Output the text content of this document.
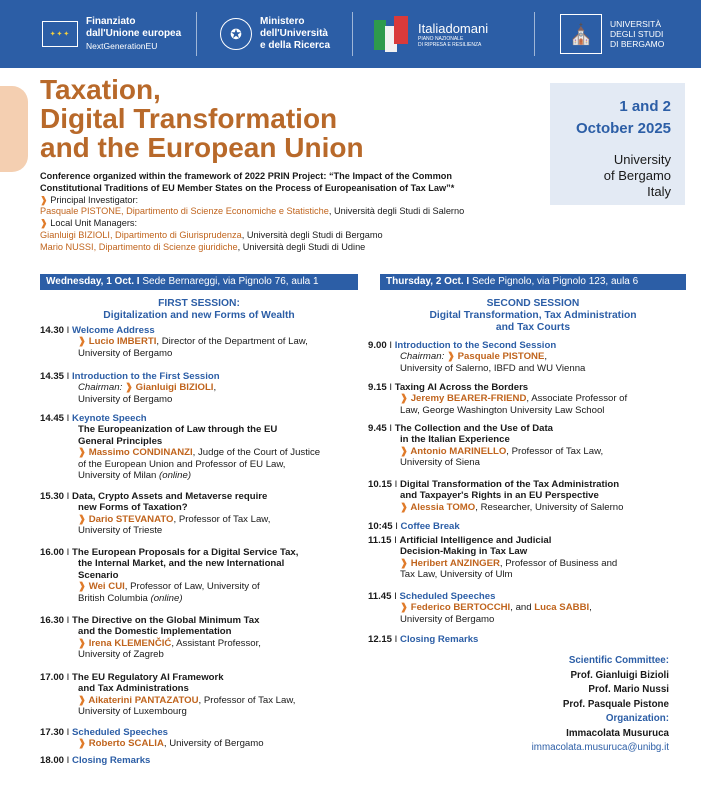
✦✦✦
Finanziato
dall'Unione europea
NextGenerationEU
✪
Ministero
dell'Università
e della Ricerca
Italiadomani
PIANO NAZIONALE
DI RIPRESA E RESILIENZA	⛪	UNIVERSITÀ
DEGLI STUDI
DI BERGAMO
Taxation,
Digital Transformation
and the European Union
1 and 2
October 2025
University
of Bergamo
Italy
Conference organized within the framework of 2022 PRIN Project: “The Impact of the Common
Constitutional Traditions of EU Member States on the Process of Europeanisation of Tax Law”*
❱ Principal Investigator:
Pasquale PISTONE, Dipartimento di Scienze Economiche e Statistiche, Università degli Studi di Salerno
❱ Local Unit Managers:
Gianluigi BIZIOLI, Dipartimento di Giurisprudenza, Università degli Studi di Bergamo
Mario NUSSI, Dipartimento di Scienze giuridiche, Università degli Studi di Udine
Wednesday, 1 Oct. I Sede Bernareggi, via Pignolo 76, aula 1	Thursday, 2 Oct. I Sede Pignolo, via Pignolo 123, aula 6
FIRST SESSION:
Digitalization and new Forms of Wealth
SECOND SESSION
Digital Transformation, Tax Administration
and Tax Courts
14.30 I Welcome Address
❱ Lucio IMBERTI, Director of the Department of Law,
University of Bergamo
14.35 I Introduction to the First Session
Chairman: ❱ Gianluigi BIZIOLI,
University of Bergamo
14.45 I Keynote Speech
The Europeanization of Law through the EU
General Principles
❱ Massimo CONDINANZI, Judge of the Court of Justice
of the European Union and Professor of EU Law,
University of Milan (online)
15.30 I Data, Crypto Assets and Metaverse require
new Forms of Taxation?
❱ Dario STEVANATO, Professor of Tax Law,
University of Trieste
16.00 I The European Proposals for a Digital Service Tax,
the Internal Market, and the new International
Scenario
❱ Wei CUI, Professor of Law, University of
British Columbia (online)
16.30 I The Directive on the Global Minimum Tax
and the Domestic Implementation
❱ Irena KLEMENČIĆ, Assistant Professor,
University of Zagreb
17.00 I The EU Regulatory AI Framework
and Tax Administrations
❱ Aikaterini PANTAZATOU, Professor of Tax Law,
University of Luxembourg
17.30 I Scheduled Speeches
❱ Roberto SCALIA, University of Bergamo
18.00 I Closing Remarks
9.00 I Introduction to the Second Session
Chairman: ❱ Pasquale PISTONE,
University of Salerno, IBFD and WU Vienna
9.15 I Taxing AI Across the Borders
❱ Jeremy BEARER-FRIEND, Associate Professor of
Law, George Washington University Law School
9.45 I The Collection and the Use of Data
in the Italian Experience
❱ Antonio MARINELLO, Professor of Tax Law,
University of Siena
10.15 I Digital Transformation of the Tax Administration
and Taxpayer's Rights in an EU Perspective
❱ Alessia TOMO, Researcher, University of Salerno
10:45 I Coffee Break
11.15 I Artificial Intelligence and Judicial
Decision-Making in Tax Law
❱ Heribert ANZINGER, Professor of Business and
Tax Law, University of Ulm
11.45 I Scheduled Speeches
❱ Federico BERTOCCHI, and Luca SABBI,
University of Bergamo
12.15 I Closing Remarks
Scientific Committee:
Prof. Gianluigi Bizioli
Prof. Mario Nussi
Prof. Pasquale Pistone
Organization:
Immacolata Musuruca
immacolata.musuruca@unibg.it
